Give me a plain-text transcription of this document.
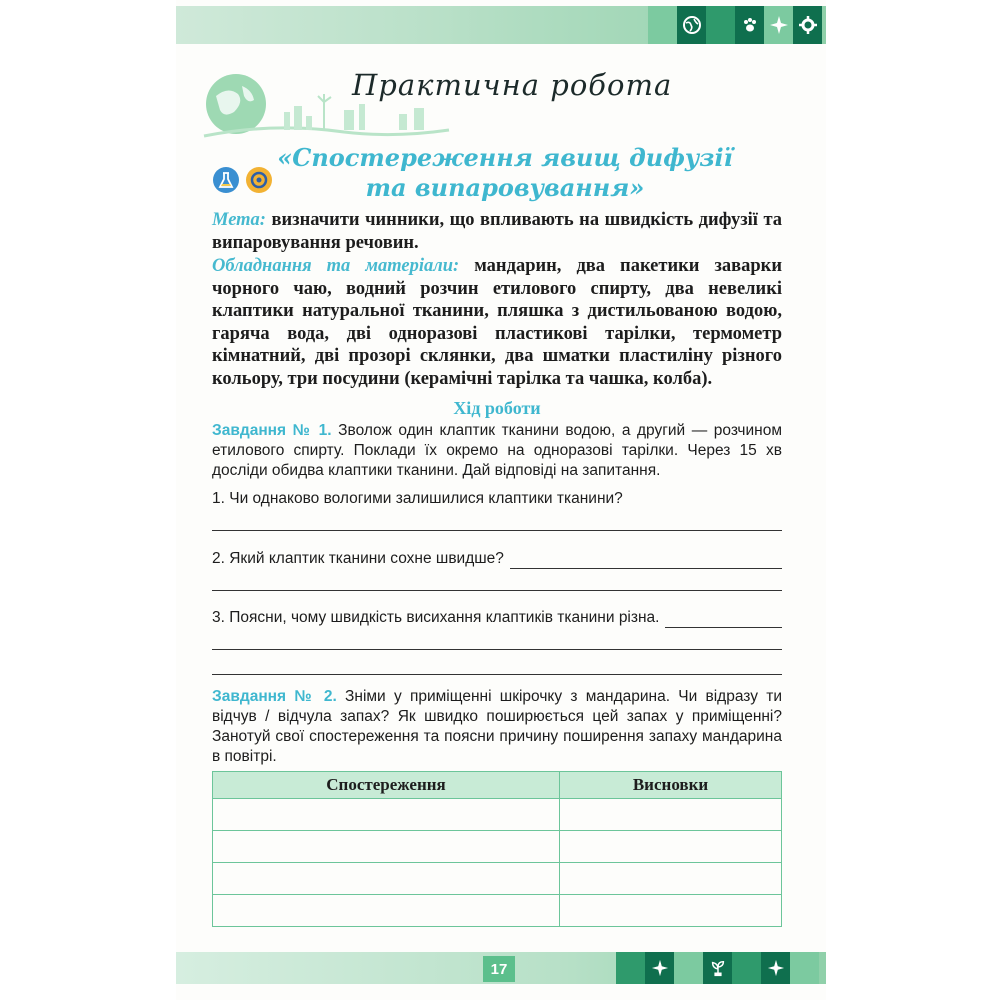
Практична робота
«Спостереження явищ дифузії
та випаровування»
Мета: визначити чинники, що впливають на швидкість дифузії та випаровування речовин.
Обладнання та матеріали: мандарин, два пакетики заварки чорного чаю, водний розчин етилового спирту, два невеликі клаптики натуральної тканини, пляшка з дистильованою водою, гаряча вода, дві одноразові пластикові тарілки, термометр кімнатний, дві прозорі склянки, два шматки пластиліну різного кольору, три посудини (керамічні тарілка та чашка, колба).
Хід роботи
Завдання № 1. Зволож один клаптик тканини водою, а другий — розчином етилового спирту. Поклади їх окремо на одноразові тарілки. Через 15 хв досліди обидва клаптики тканини. Дай відповіді на запитання.
1. Чи однаково вологими залишилися клаптики тканини?
2. Який клаптик тканини сохне швидше?
3. Поясни, чому швидкість висихання клаптиків тканини різна.
Завдання № 2. Зніми у приміщенні шкірочку з мандарина. Чи відразу ти відчув / відчула запах? Як швидко поширюється цей запах у приміщенні? Занотуй свої спостереження та поясни причину поширення запаху мандарина в повітрі.
Спостереження	Висновки

17
